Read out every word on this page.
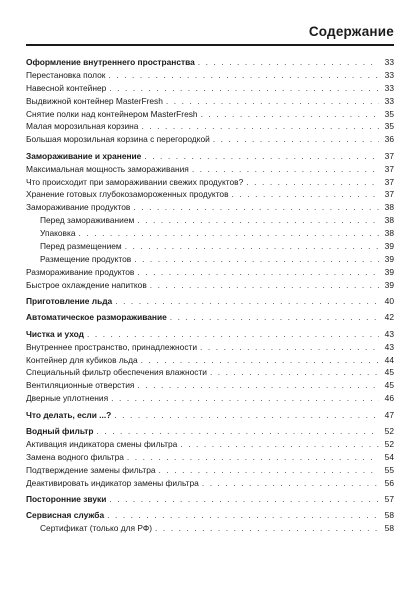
Содержание
Оформление внутреннего пространства . . .	33
Перестановка полок . . .	33
Навесной контейнер . . .	33
Выдвижной контейнер MasterFresh . . .	33
Снятие полки над контейнером MasterFresh . . .	35
Малая морозильная корзина . . .	35
Большая морозильная корзина с перегородкой . . .	36
Замораживание и хранение . . .	37
Максимальная мощность замораживания . . .	37
Что происходит при замораживании свежих продуктов? . . .	37
Хранение готовых глубокозамороженных продуктов . . .	37
Замораживание продуктов . . .	38
Перед замораживанием . . .	38
Упаковка . . .	38
Перед размещением . . .	39
Размещение продуктов . . .	39
Размораживание продуктов . . .	39
Быстрое охлаждение напитков . . .	39
Приготовление льда . . .	40
Автоматическое размораживание . . .	42
Чистка и уход . . .	43
Внутреннее пространство, принадлежности . . .	43
Контейнер для кубиков льда . . .	44
Специальный фильтр обеспечения влажности . . .	45
Вентиляционные отверстия . . .	45
Дверные уплотнения . . .	46
Что делать, если ...? . . .	47
Водный фильтр . . .	52
Активация индикатора смены фильтра . . .	52
Замена водного фильтра . . .	54
Подтверждение замены фильтра . . .	55
Деактивировать индикатор замены фильтра . . .	56
Посторонние звуки . . .	57
Сервисная служба . . .	58
Сертификат (только для РФ) . . .	58
